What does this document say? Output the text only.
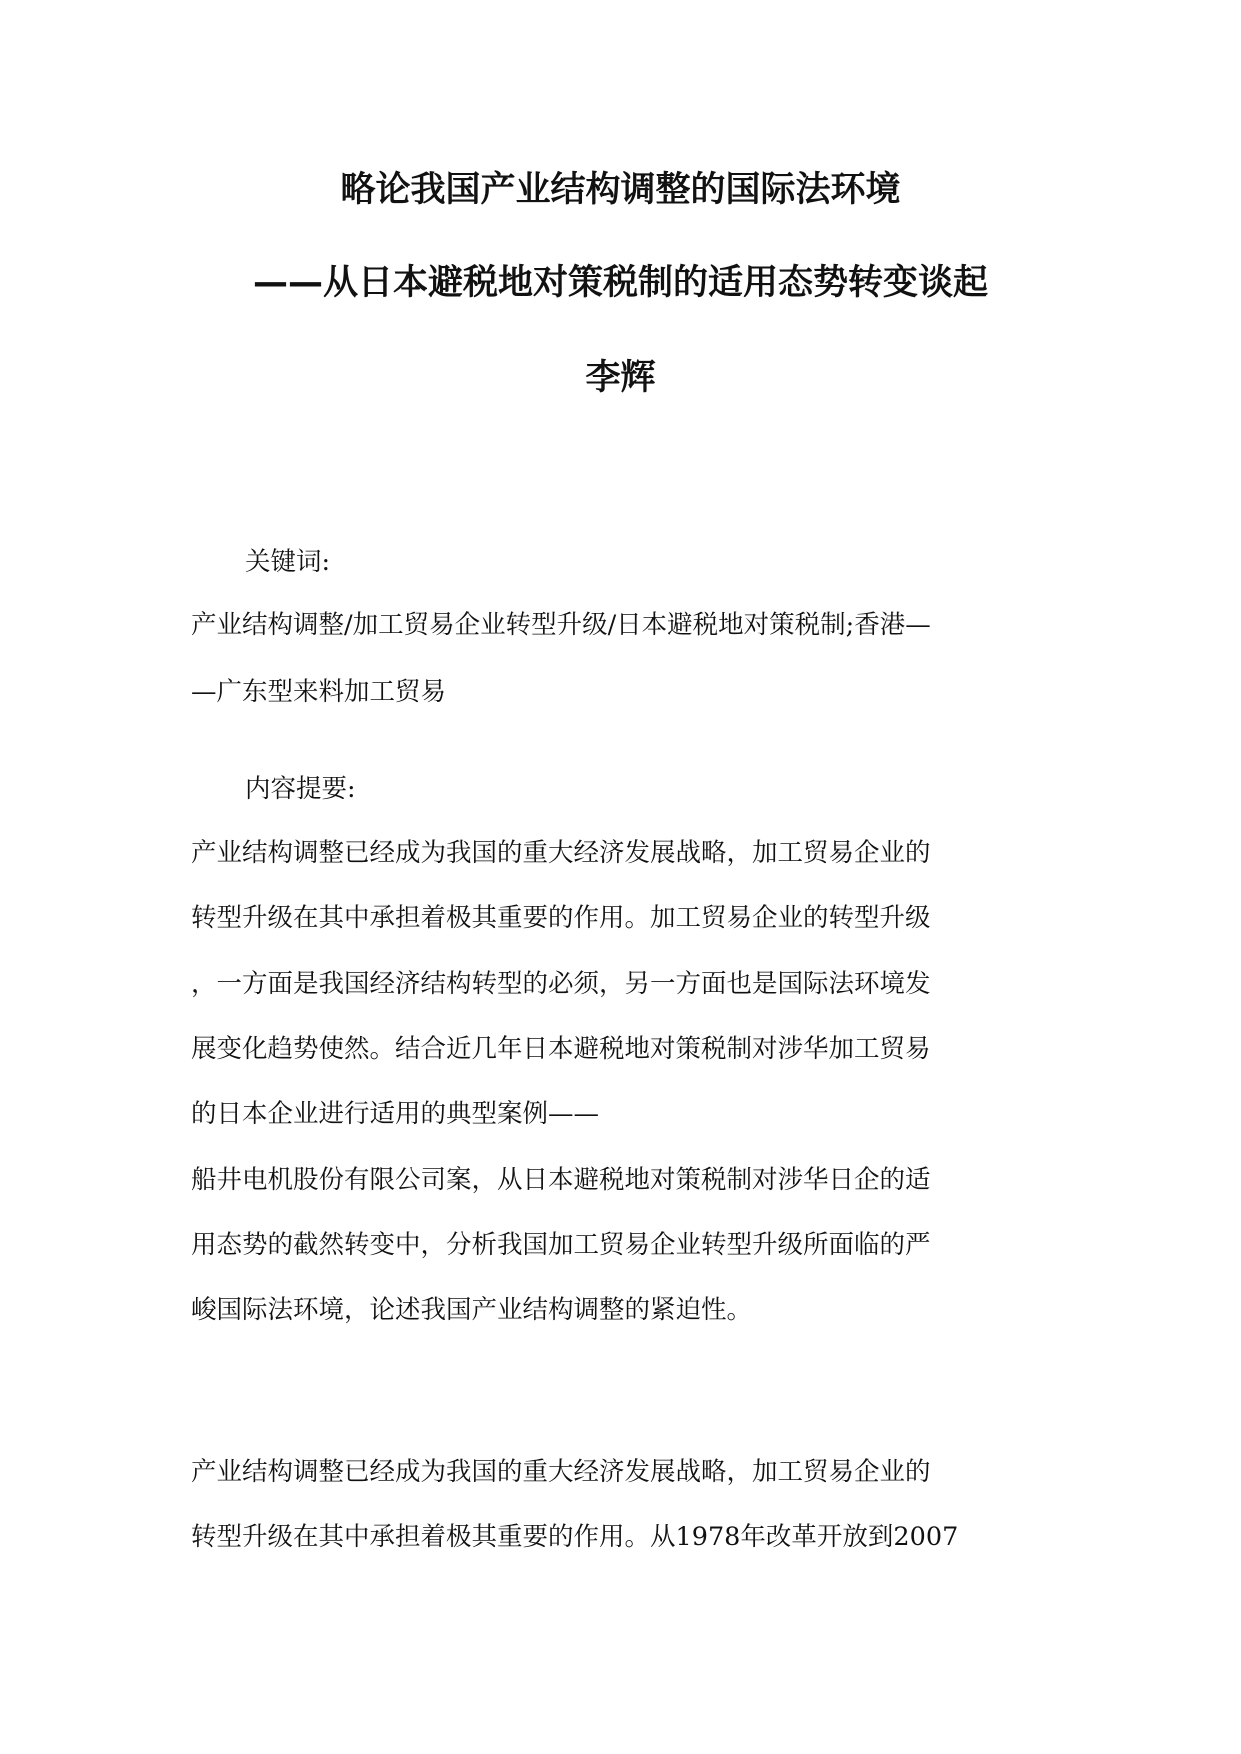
略论我国产业结构调整的国际法环境
——从日本避税地对策税制的适用态势转变谈起
李辉
关键词:
产业结构调整/加工贸易企业转型升级/日本避税地对策税制;香港—
—广东型来料加工贸易
内容提要:
产业结构调整已经成为我国的重大经济发展战略，加工贸易企业的
转型升级在其中承担着极其重要的作用。加工贸易企业的转型升级
，一方面是我国经济结构转型的必须，另一方面也是国际法环境发
展变化趋势使然。结合近几年日本避税地对策税制对涉华加工贸易
的日本企业进行适用的典型案例——
船井电机股份有限公司案，从日本避税地对策税制对涉华日企的适
用态势的截然转变中，分析我国加工贸易企业转型升级所面临的严
峻国际法环境，论述我国产业结构调整的紧迫性。
产业结构调整已经成为我国的重大经济发展战略，加工贸易企业的
转型升级在其中承担着极其重要的作用。从1978年改革开放到2007
